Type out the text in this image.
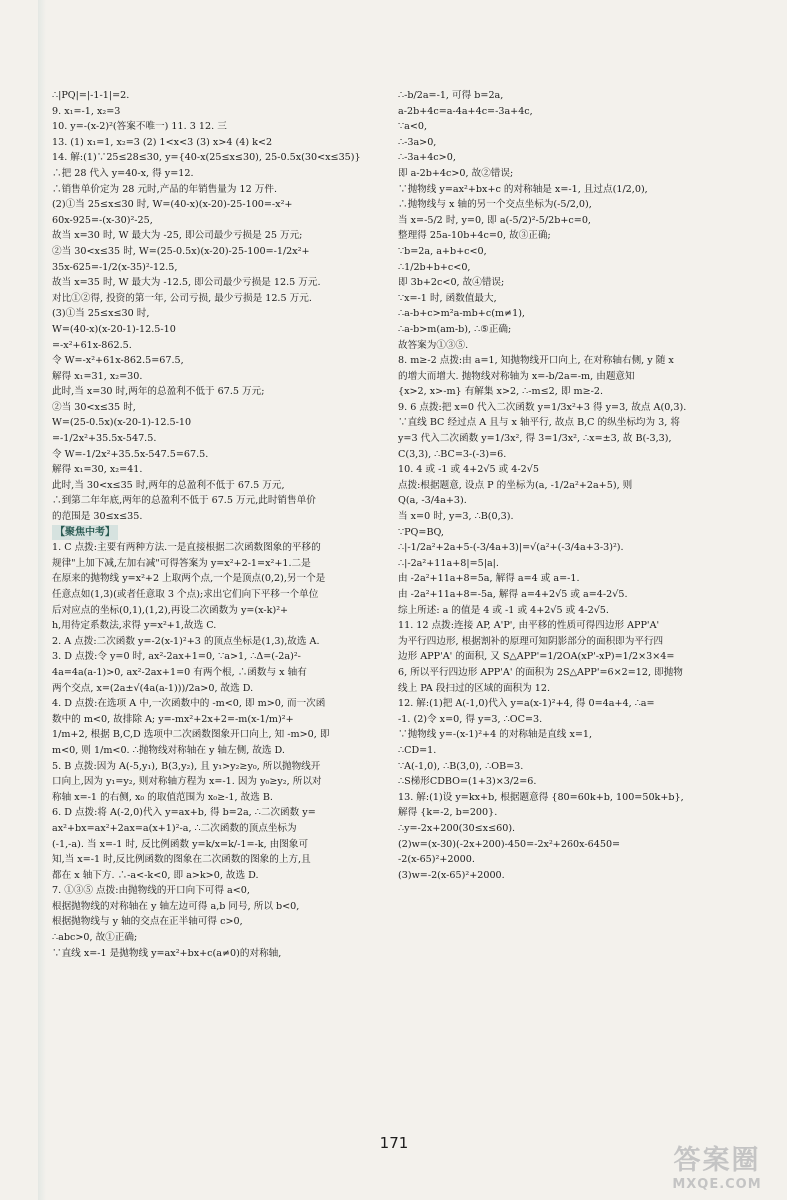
∴|PQ|=|-1-1|=2.
9. x₁=-1, x₂=3
10. y=-(x-2)²(答案不唯一) 11. 3 12. 三
13. (1) x₁=1, x₂=3 (2) 1<x<3 (3) x>4 (4) k<2
14. 解:(1)∵25≤28≤30, y={40-x(25≤x≤30), 25-0.5x(30<x≤35)}
∴把 28 代入 y=40-x, 得 y=12.
∴销售单价定为 28 元时,产品的年销售量为 12 万件.
(2)①当 25≤x≤30 时, W=(40-x)(x-20)-25-100=-x²+
60x-925=-(x-30)²-25,
故当 x=30 时, W 最大为 -25, 即公司最少亏损是 25 万元;
②当 30<x≤35 时, W=(25-0.5x)(x-20)-25-100=-1/2x²+
35x-625=-1/2(x-35)²-12.5,
故当 x=35 时, W 最大为 -12.5, 即公司最少亏损是 12.5 万元.
对比①②得, 投资的第一年, 公司亏损, 最少亏损是 12.5 万元.
(3)①当 25≤x≤30 时,
W=(40-x)(x-20-1)-12.5-10
=-x²+61x-862.5.
令 W=-x²+61x-862.5=67.5,
解得 x₁=31, x₂=30.
此时,当 x=30 时,两年的总盈利不低于 67.5 万元;
②当 30<x≤35 时,
W=(25-0.5x)(x-20-1)-12.5-10
=-1/2x²+35.5x-547.5.
令 W=-1/2x²+35.5x-547.5=67.5.
解得 x₁=30, x₂=41.
此时,当 30<x≤35 时,两年的总盈利不低于 67.5 万元,
∴到第二年年底,两年的总盈利不低于 67.5 万元,此时销售单价
的范围是 30≤x≤35.
【聚焦中考】
1. C 点拨:主要有两种方法.一是直接根据二次函数图象的平移的
规律"上加下减,左加右减"可得答案为 y=x²+2-1=x²+1.二是
在原来的抛物线 y=x²+2 上取两个点,一个是顶点(0,2),另一个是
任意点如(1,3)(或者任意取 3 个点);求出它们向下平移一个单位
后对应点的坐标(0,1),(1,2),再设二次函数为 y=(x-k)²+
h,用待定系数法,求得 y=x²+1,故选 C.
2. A 点拨:二次函数 y=-2(x-1)²+3 的顶点坐标是(1,3),故选 A.
3. D 点拨:令 y=0 时, ax²-2ax+1=0, ∵a>1, ∴Δ=(-2a)²-
4a=4a(a-1)>0, ax²-2ax+1=0 有两个根, ∴函数与 x 轴有
两个交点, x=(2a±√(4a(a-1)))/2a>0, 故选 D.
4. D 点拨:在选项 A 中,一次函数中的 -m<0, 即 m>0, 而一次函
数中的 m<0, 故排除 A; y=-mx²+2x+2=-m(x-1/m)²+
1/m+2, 根据 B,C,D 选项中二次函数图象开口向上, 知 -m>0, 即
m<0, 则 1/m<0. ∴抛物线对称轴在 y 轴左侧, 故选 D.
5. B 点拨:因为 A(-5,y₁), B(3,y₂), 且 y₁>y₂≥y₀, 所以抛物线开
口向上,因为 y₁=y₂, 则对称轴方程为 x=-1. 因为 y₀≥y₂, 所以对
称轴 x=-1 的右侧, x₀ 的取值范围为 x₀≥-1, 故选 B.
6. D 点拨:将 A(-2,0)代入 y=ax+b, 得 b=2a, ∴二次函数 y=
ax²+bx=ax²+2ax=a(x+1)²-a, ∴二次函数的顶点坐标为
(-1,-a). 当 x=-1 时, 反比例函数 y=k/x=k/-1=-k, 由图象可
知,当 x=-1 时,反比例函数的图象在二次函数的图象的上方,且
都在 x 轴下方. ∴-a<-k<0, 即 a>k>0, 故选 D.
7. ①③⑤ 点拨:由抛物线的开口向下可得 a<0,
根据抛物线的对称轴在 y 轴左边可得 a,b 同号, 所以 b<0,
根据抛物线与 y 轴的交点在正半轴可得 c>0,
∴abc>0, 故①正确;
∵直线 x=-1 是抛物线 y=ax²+bx+c(a≠0)的对称轴,
∴-b/2a=-1, 可得 b=2a,
a-2b+4c=a-4a+4c=-3a+4c,
∵a<0,
∴-3a>0,
∴-3a+4c>0,
即 a-2b+4c>0, 故②错误;
∵抛物线 y=ax²+bx+c 的对称轴是 x=-1, 且过点(1/2,0),
∴抛物线与 x 轴的另一个交点坐标为(-5/2,0),
当 x=-5/2 时, y=0, 即 a(-5/2)²-5/2b+c=0,
整理得 25a-10b+4c=0, 故③正确;
∵b=2a, a+b+c<0,
∴1/2b+b+c<0,
即 3b+2c<0, 故④错误;
∵x=-1 时, 函数值最大,
∴a-b+c>m²a-mb+c(m≠1),
∴a-b>m(am-b), ∴⑤正确;
故答案为①③⑤.
8. m≥-2 点拨:由 a=1, 知抛物线开口向上, 在对称轴右侧, y 随 x
的增大而增大. 抛物线对称轴为 x=-b/2a=-m, 由题意知
{x>2, x>-m} 有解集 x>2, ∴-m≤2, 即 m≥-2.
9. 6 点拨:把 x=0 代入二次函数 y=1/3x²+3 得 y=3, 故点 A(0,3).
∵直线 BC 经过点 A 且与 x 轴平行, 故点 B,C 的纵坐标均为 3, 将
y=3 代入二次函数 y=1/3x², 得 3=1/3x², ∴x=±3, 故 B(-3,3),
C(3,3), ∴BC=3-(-3)=6.
10. 4 或 -1 或 4+2√5 或 4-2√5
点拨:根据题意, 设点 P 的坐标为(a, -1/2a²+2a+5), 则
Q(a, -3/4a+3).
当 x=0 时, y=3, ∴B(0,3).
∵PQ=BQ,
∴|-1/2a²+2a+5-(-3/4a+3)|=√(a²+(-3/4a+3-3)²).
∴|-2a²+11a+8|=5|a|.
由 -2a²+11a+8=5a, 解得 a=4 或 a=-1.
由 -2a²+11a+8=-5a, 解得 a=4+2√5 或 a=4-2√5.
综上所述: a 的值是 4 或 -1 或 4+2√5 或 4-2√5.
11. 12 点拨:连接 AP, A'P', 由平移的性质可得四边形 APP'A'
为平行四边形, 根据割补的原理可知阴影部分的面积即为平行四
边形 APP'A' 的面积, 又 S△APP'=1/2OA(xP'-xP)=1/2×3×4=
6, 所以平行四边形 APP'A' 的面积为 2S△APP'=6×2=12, 即抛物
线上 PA 段扫过的区域的面积为 12.
12. 解:(1)把 A(-1,0)代入 y=a(x-1)²+4, 得 0=4a+4, ∴a=
-1. (2)令 x=0, 得 y=3, ∴OC=3.
∵抛物线 y=-(x-1)²+4 的对称轴是直线 x=1,
∴CD=1.
∵A(-1,0), ∴B(3,0), ∴OB=3.
∴S梯形CDBO=(1+3)×3/2=6.
13. 解:(1)设 y=kx+b, 根据题意得 {80=60k+b, 100=50k+b},
解得 {k=-2, b=200}.
∴y=-2x+200(30≤x≤60).
(2)w=(x-30)(-2x+200)-450=-2x²+260x-6450=
-2(x-65)²+2000.
(3)w=-2(x-65)²+2000.
171
答案圈
MXQE.COM
